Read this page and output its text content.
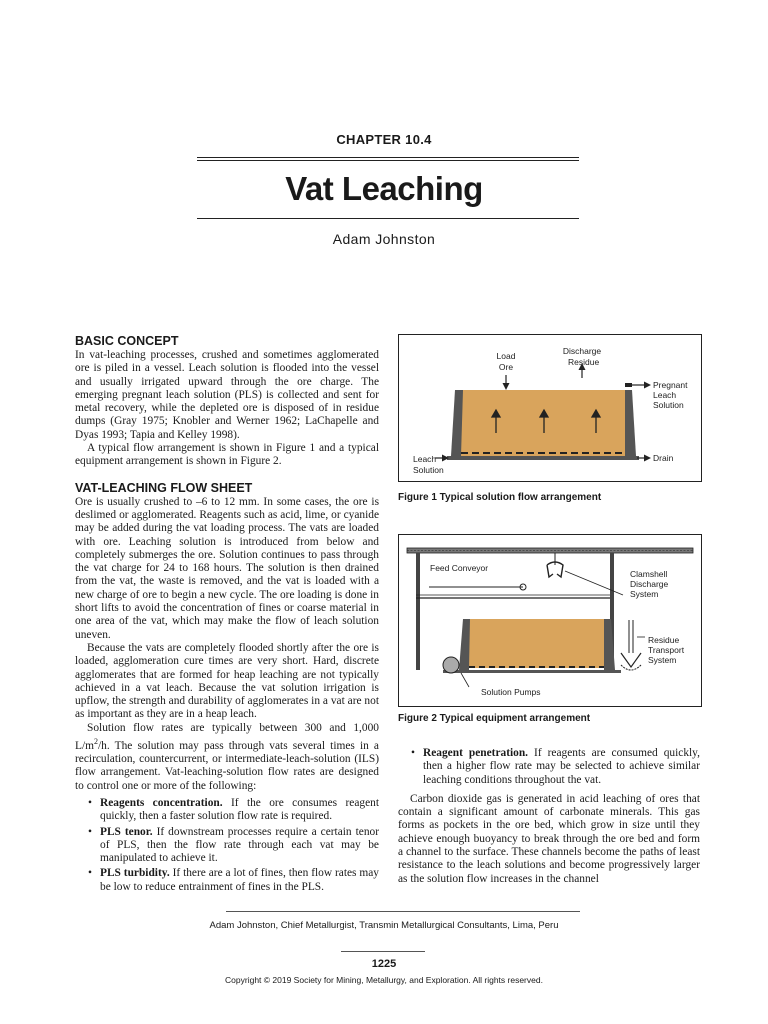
CHAPTER 10.4
Vat Leaching
Adam Johnston
BASIC CONCEPT

In vat-leaching processes, crushed and sometimes agglomerated ore is piled in a vessel. Leach solution is flooded into the vessel and usually irrigated upward through the ore charge. The emerging pregnant leach solution (PLS) is collected and sent for metal recovery, while the depleted ore is disposed of in residue dumps (Gray 1975; Knobler and Werner 1962; LaChapelle and Dyas 1993; Tapia and Kelley 1998).

A typical flow arrangement is shown in Figure 1 and a typical equipment arrangement is shown in Figure 2.

VAT-LEACHING FLOW SHEET

Ore is usually crushed to –6 to 12 mm. In some cases, the ore is deslimed or agglomerated. Reagents such as acid, lime, or cyanide may be added during the vat loading process. The vats are loaded with ore. Leaching solution is introduced from below and completely submerges the ore. Solution continues to pass through the vat charge for 24 to 168 hours. The solution is then drained from the vat, the waste is removed, and the vat is loaded with a new charge of ore to begin a new cycle. The ore loading is done in short lifts to avoid the concentration of fines or coarse material in one area of the vat, which may make the flow of leach solution uneven.

Because the vats are completely flooded shortly after the ore is loaded, agglomeration cure times are very short. Hard, discrete agglomerates that are formed for heap leaching are not typically achieved in a vat leach. Because the vat solution irrigation is upflow, the strength and durability of agglomerates in a vat are not as important as they are in a heap leach.

Solution flow rates are typically between 300 and 1,000 $L/m^2/h$. The solution may pass through vats several times in a recirculation, countercurrent, or intermediate-leach-solution (ILS) flow arrangement. Vat-leaching-solution flow rates are designed to control one or more of the following:

• Reagents concentration. If the ore consumes reagent quickly, then a faster solution flow rate is required.
• PLS tenor. If downstream processes require a certain tenor of PLS, then the flow rate through each vat may be manipulated to achieve it.
• PLS turbidity. If there are a lot of fines, then flow rates may be low to reduce entrainment of fines in the PLS.
Load
Ore
Discharge
Residue
Pregnant
Leach
Solution
Drain
Leach
Solution
Figure 1 Typical solution flow arrangement
Feed Conveyor
Clamshell
Discharge
System
Residue
Transport
System
Solution Pumps
Figure 2 Typical equipment arrangement
• Reagent penetration. If reagents are consumed quickly, then a higher flow rate may be selected to achieve similar leaching conditions throughout the vat.

Carbon dioxide gas is generated in acid leaching of ores that contain a significant amount of carbonate minerals. This gas forms as pockets in the ore bed, which grow in size until they achieve enough buoyancy to break through the ore bed and form a channel to the surface. These channels become the paths of least resistance to the leach solutions and become progressively larger as the solution flow increases in the channel

Adam Johnston, Chief Metallurgist, Transmin Metallurgical Consultants, Lima, Peru
1225
Copyright © 2019 Society for Mining, Metallurgy, and Exploration. All rights reserved.
